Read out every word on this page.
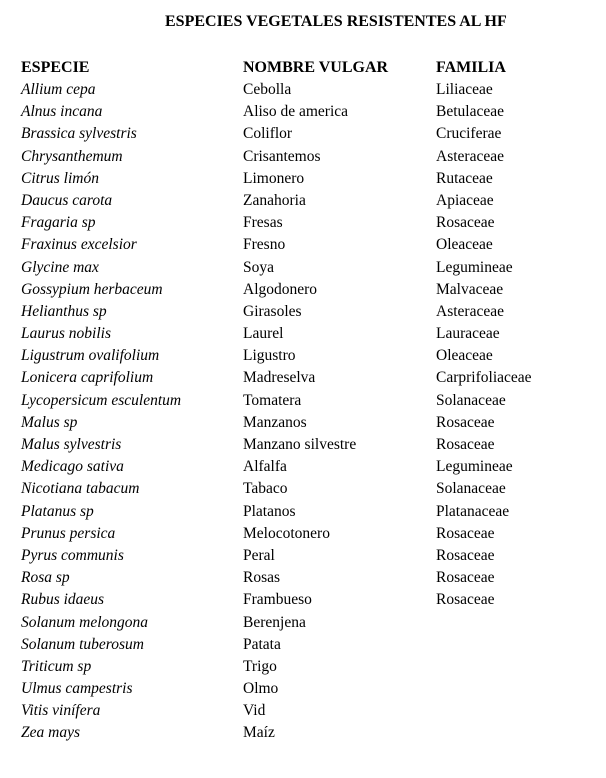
ESPECIES VEGETALES RESISTENTES AL HF
ESPECIE	NOMBRE VULGAR	FAMILIA
Allium cepa	Cebolla	Liliaceae
Alnus incana	Aliso de america	Betulaceae
Brassica sylvestris	Coliflor	Cruciferae
Chrysanthemum	Crisantemos	Asteraceae
Citrus limón	Limonero	Rutaceae
Daucus carota	Zanahoria	Apiaceae
Fragaria sp	Fresas	Rosaceae
Fraxinus excelsior	Fresno	Oleaceae
Glycine max	Soya	Legumineae
Gossypium herbaceum	Algodonero	Malvaceae
Helianthus sp	Girasoles	Asteraceae
Laurus nobilis	Laurel	Lauraceae
Ligustrum ovalifolium	Ligustro	Oleaceae
Lonicera caprifolium	Madreselva	Carprifoliaceae
Lycopersicum esculentum	Tomatera	Solanaceae
Malus sp	Manzanos	Rosaceae
Malus sylvestris	Manzano silvestre	Rosaceae
Medicago sativa	Alfalfa	Legumineae
Nicotiana tabacum	Tabaco	Solanaceae
Platanus sp	Platanos	Platanaceae
Prunus persica	Melocotonero	Rosaceae
Pyrus communis	Peral	Rosaceae
Rosa sp	Rosas	Rosaceae
Rubus idaeus	Frambueso	Rosaceae
Solanum melongona	Berenjena
Solanum tuberosum	Patata
Triticum sp	Trigo
Ulmus campestris	Olmo
Vitis vinífera	Vid
Zea mays	Maíz
